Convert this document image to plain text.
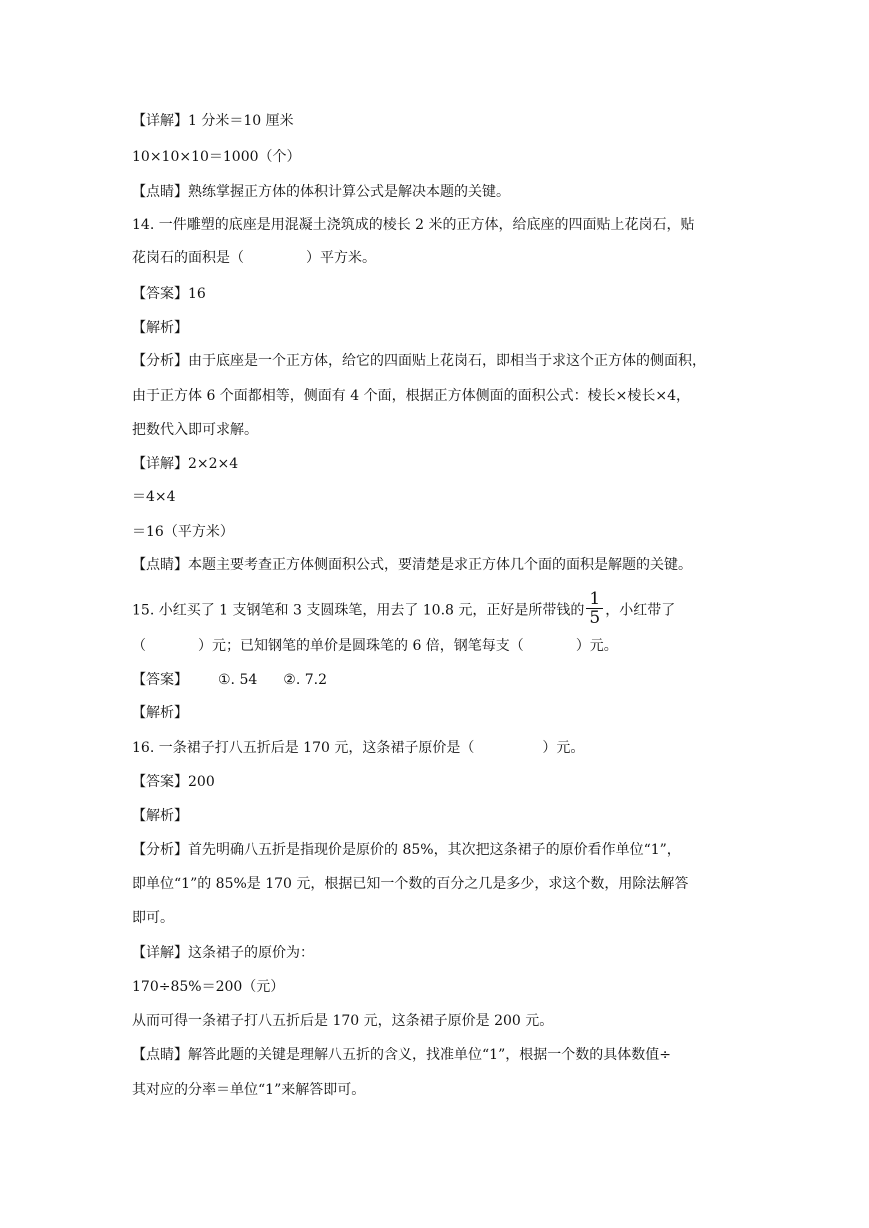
【详解】1 分米＝10 厘米
10×10×10＝1000（个）
【点睛】熟练掌握正方体的体积计算公式是解决本题的关键。
14. 一件雕塑的底座是用混凝土浇筑成的棱长 2 米的正方体，给底座的四面贴上花岗石，贴
花岗石的面积是（	）平方米。
【答案】16
【解析】
【分析】由于底座是一个正方体，给它的四面贴上花岗石，即相当于求这个正方体的侧面积，
由于正方体 6 个面都相等，侧面有 4 个面，根据正方体侧面的面积公式：棱长×棱长×4，
把数代入即可求解。
【详解】2×2×4
＝4×4
＝16（平方米）
【点睛】本题主要考查正方体侧面积公式，要清楚是求正方体几个面的面积是解题的关键。
15. 小红买了 1 支钢笔和 3 支圆珠笔，用去了 10.8 元，正好是所带钱的 $\frac{1}{5}$ ，小红带了
（	）元；已知钢笔的单价是圆珠笔的 6 倍，钢笔每支（	）元。
【答案】 ①. 54 ②. 7.2
【解析】
16. 一条裙子打八五折后是 170 元，这条裙子原价是（	）元。
【答案】200
【解析】
【分析】首先明确八五折是指现价是原价的 85%，其次把这条裙子的原价看作单位“1”，
即单位“1”的 85%是 170 元，根据已知一个数的百分之几是多少，求这个数，用除法解答
即可。
【详解】这条裙子的原价为：
170÷85%＝200（元）
从而可得一条裙子打八五折后是 170 元，这条裙子原价是 200 元。
【点睛】解答此题的关键是理解八五折的含义，找准单位“1”，根据一个数的具体数值÷
其对应的分率＝单位“1”来解答即可。
